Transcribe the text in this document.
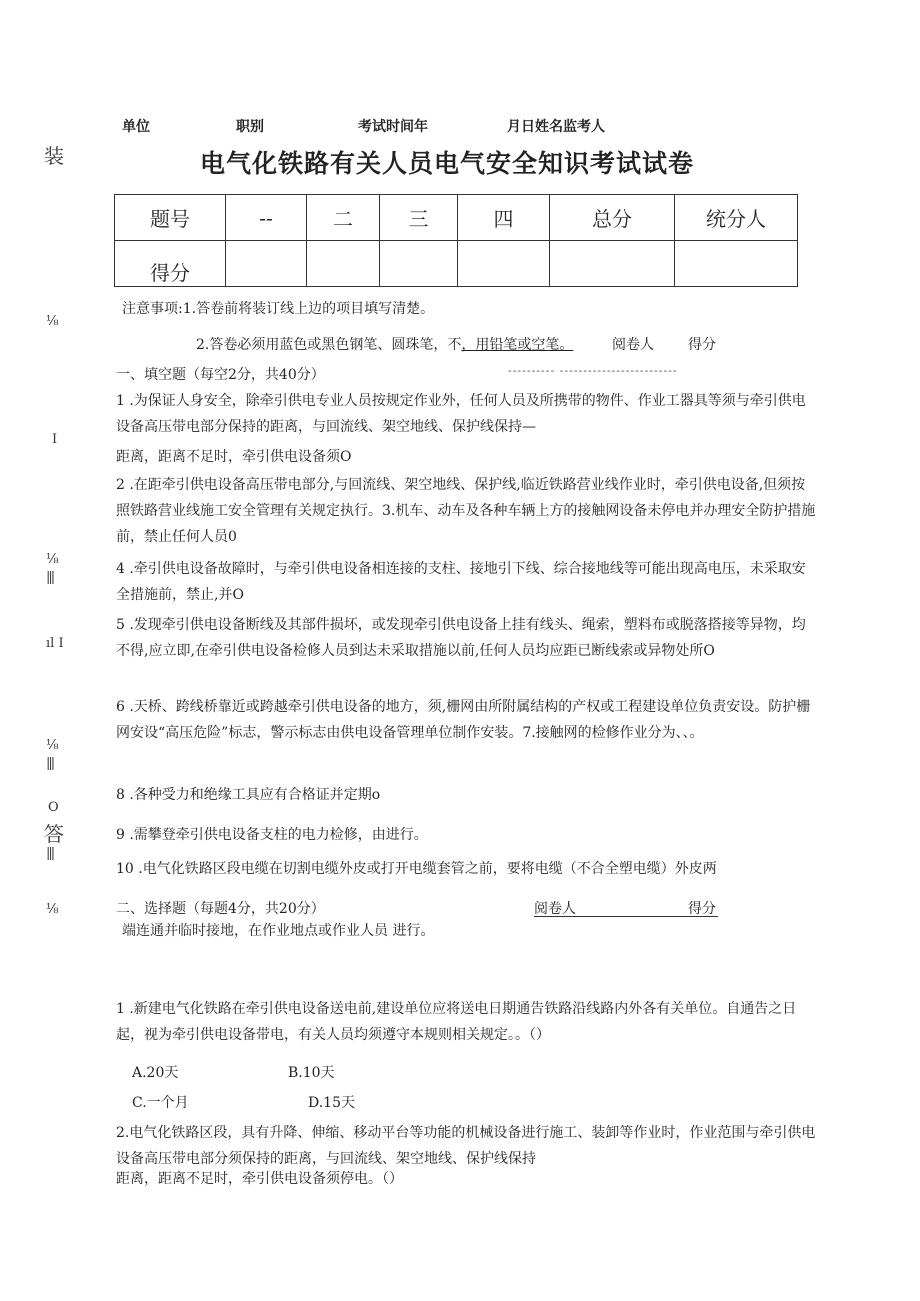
装
⅛
I
⅛
|||
ıl I
⅛
|||
O
答
|||
⅛
单位	职别	考试时间年	月日姓名监考人
电气化铁路有关人员电气安全知识考试试卷
题号	--	二	三	四	总分	统分人
得分						
注意事项:1.答卷前将装订线上边的项目填写清楚。
2.答卷必须用蓝色或黑色钢笔、圆珠笔，不，用铅笔或空笔。	阅卷人 得分
一、填空题（每空2分，共40分）	---------- -------------------------
1 .为保证人身安全，除牵引供电专业人员按规定作业外，任何人员及所携带的物件、作业工器具等须与牵引供电设备高压带电部分保持的距离，与回流线、架空地线、保护线保持—
距离，距离不足时，牵引供电设备须O
2 .在距牵引供电设备高压带电部分,与回流线、架空地线、保护线,临近铁路营业线作业时，牵引供电设备,但须按照铁路营业线施工安全管理有关规定执行。3.机车、动车及各种车辆上方的接触网设备未停电并办理安全防护措施前，禁止任何人员0
4 .牵引供电设备故障时，与牵引供电设备相连接的支柱、接地引下线、综合接地线等可能出现高电压，未采取安全措施前，禁止,并O
5 .发现牵引供电设备断线及其部件损坏，或发现牵引供电设备上挂有线头、绳索，塑料布或脱落搭接等异物，均不得,应立即,在牵引供电设备检修人员到达未采取措施以前,任何人员均应距已断线索或异物处所O
6 .天桥、跨线桥靠近或跨越牵引供电设备的地方，须,栅网由所附属结构的产权或工程建设单位负责安设。防护栅网安设“高压危险”标志，警示标志由供电设备管理单位制作安装。7.接触网的检修作业分为、、。
8 .各种受力和绝缘工具应有合格证并定期o
9 .需攀登牵引供电设备支柱的电力检修，由进行。
10 .电气化铁路区段电缆在切割电缆外皮或打开电缆套管之前，要将电缆（不合全塑电缆）外皮两
二、选择题（每题4分，共20分）	阅卷人	得分
端连通并临时接地，在作业地点或作业人员 进行。
1 .新建电气化铁路在牵引供电设备送电前,建设单位应将送电日期通告铁路沿线路内外各有关单位。自通告之日起，视为牵引供电设备带电，有关人员均须遵守本规则相关规定。。（）
A.20天	B.10天
C.一个月	D.15天
2.电气化铁路区段，具有升降、伸缩、移动平台等功能的机械设备进行施工、装卸等作业时，作业范围与牵引供电设备高压带电部分须保持的距离，与回流线、架空地线、保护线保持
距离，距离不足时，牵引供电设备须停电。（）
